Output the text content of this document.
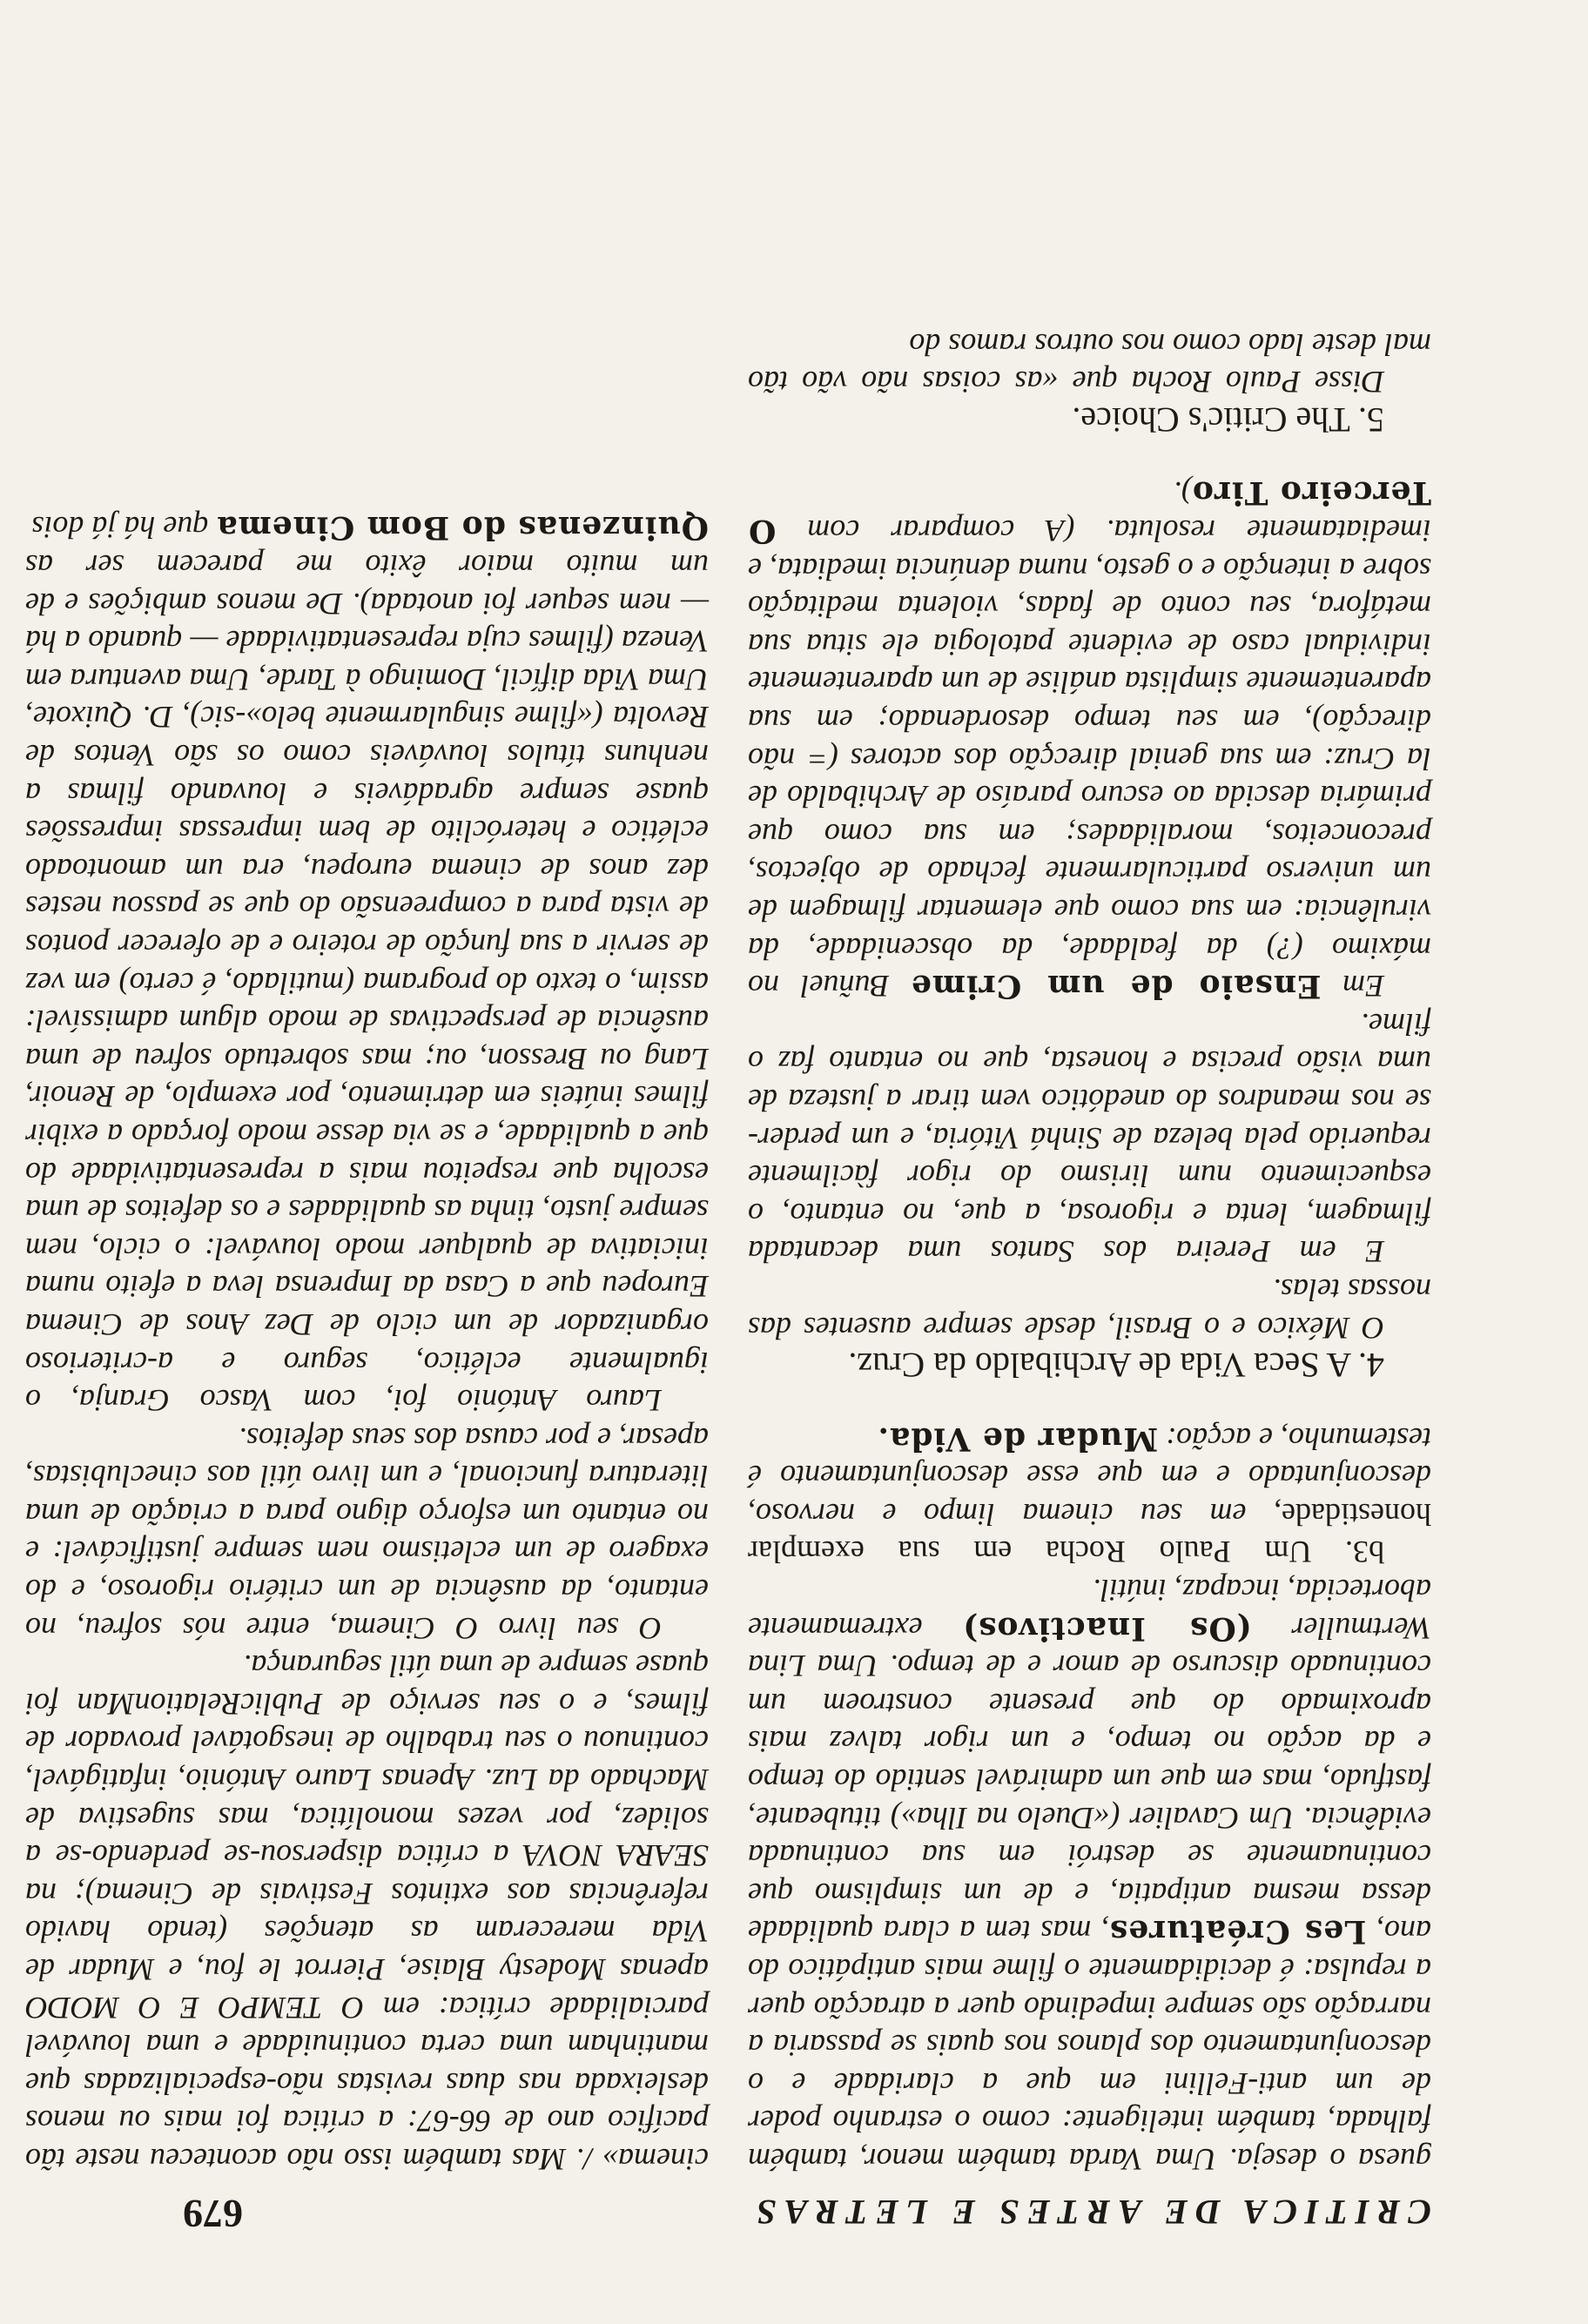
CRITICA DE ARTES E LETRAS
679

guesa o deseja. Uma Varda também menor, também falhada, também inteligente: como o estranho poder de um anti-Fellini em que a claridade e o desconjuntamento dos planos nos quais se passaria a narração são sempre impedindo quer a atracção quer a repulsa: é decididamente o filme mais antipático do ano, Les Créatures, mas tem a clara qualidade dessa mesma antipatia, e de um simplismo que continuamente se destrói em sua continuada evidência. Um Cavalier («Duelo na Ilha») titubeante, fastfudo, mas em que um admirável sentido do tempo e da acção no tempo, e um rigor talvez mais aproximado do que presente constroem um continuado discurso de amor e de tempo. Uma Lina Wertmuller (Os Inactivos) extremamente abortecida, incapaz, inútil.

b3. Um Paulo Rocha em sua exemplar honestidade, em seu cinema limpo e nervoso, desconjuntado e em que esse desconjuntamento é testemunho, e acção: Mudar de Vida.

4. A Seca Vida de Archibaldo da Cruz.

O México e o Brasil, desde sempre ausentes das nossas telas.

E em Pereira dos Santos uma decantada filmagem, lenta e rigorosa, a que, no entanto, o esquecimento num lirismo do rigor fàcilmente requerido pela beleza de Sinhá Vitória, e um perder-se nos meandros do anedótico vem tirar a justeza de uma visão precisa e honesta, que no entanto faz o filme.

Em Ensaio de um Crime Buñuel no máximo (?) da fealdade, da obscenidade, da virulência: em sua como que elementar filmagem de um universo particularmente fechado de objectos, preconceitos, moralidades; em sua como que primária descida ao escuro paraíso de Archibaldo de la Cruz: em sua genial direcção dos actores (= não direcção), em seu tempo desordenado; em sua aparentemente simplista análise de um aparentemente individual caso de evidente patologia ele situa sua metáfora, seu conto de fadas, violenta meditação sobre a intenção e o gesto, numa denúncia imediata, e imediatamente resoluta. (A comparar com O Terceiro Tiro).

5. The Critic's Choice.

Disse Paulo Rocha que «as coisas não vão tão mal deste lado como nos outros ramos do

cinema» /. Mas também isso não aconteceu neste tão pacífico ano de 66-67: a crítica foi mais ou menos desleixada nas duas revistas não-especializadas que mantinham uma certa continuidade e uma louvável parcialidade crítica: em O TEMPO E O MODO apenas Modesty Blaise, Pierrot le fou, e Mudar de Vida mereceram as atenções (tendo havido referências aos extintos Festivais de Cinema); na SEARA NOVA a crítica dispersou-se perdendo-se a solidez, por vezes monolítica, mas sugestiva de Machado da Luz. Apenas Lauro António, infatigável, continuou o seu trabalho de inesgotável provador de filmes, e o seu serviço de PublicRelationMan foi quase sempre de uma útil segurança.

O seu livro O Cinema, entre nós sofreu, no entanto, da ausência de um critério rigoroso, e do exagero de um ecletismo nem sempre justificável: e no entanto um esforço digno para a criação de uma literatura funcional, e um livro útil aos cineclubistas, apesar, e por causa dos seus defeitos.

Lauro António foi, com Vasco Granja, o igualmente eclético, seguro e a-criterioso organizador de um ciclo de Dez Anos de Cinema Europeu que a Casa da Imprensa leva a efeito numa iniciativa de qualquer modo louvável: o ciclo, nem sempre justo, tinha as qualidades e os defeitos de uma escolha que respeitou mais a representatividade do que a qualidade, e se via desse modo forçado a exibir filmes inúteis em detrimento, por exemplo, de Renoir, Lang ou Bresson, ou; mas sobretudo sofreu de uma ausência de perspectivas de modo algum admissível: assim, o texto do programa (mutilado, é certo) em vez de servir a sua função de roteiro e de oferecer pontos de vista para a compreensão do que se passou nestes dez anos de cinema europeu, era um amontoado eclético e heteróclito de bem impressas impressões quase sempre agradáveis e louvando filmas a nenhuns títulos louváveis como os são Ventos de Revolta («filme singularmente belo»-sic), D. Quixote, Uma Vida difícil, Domingo à Tarde, Uma aventura em Veneza (filmes cuja representatividade — quando a há — nem sequer foi anotada). De menos ambições e de um muito maior êxito me parecem ser as Quinzenas do Bom Cinema que há já dois
